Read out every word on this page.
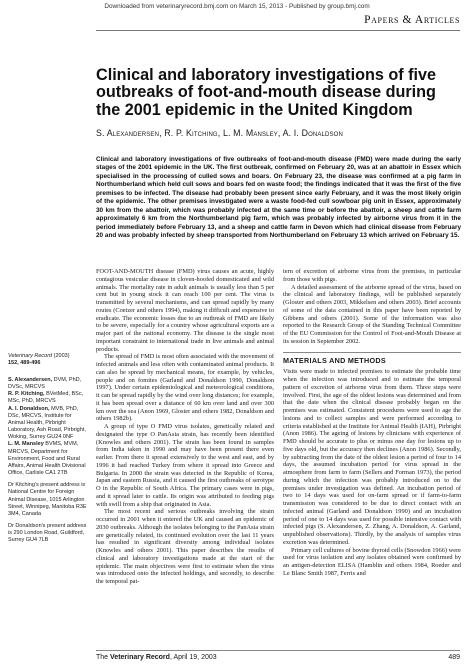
Downloaded from veterinaryrecord.bmj.com on March 15, 2013 - Published by group.bmj.com
Papers & Articles
Clinical and laboratory investigations of five outbreaks of foot-and-mouth disease during the 2001 epidemic in the United Kingdom
S. Alexandersen, R. P. Kitching, L. M. Mansley, A. I. Donaldson

Clinical and laboratory investigations of five outbreaks of foot-and-mouth disease (FMD) were made during the early stages of the 2001 epidemic in the UK. The first outbreak, confirmed on February 20, was at an abattoir in Essex which specialised in the processing of culled sows and boars. On February 23, the disease was confirmed at a pig farm in Northumberland which held cull sows and boars fed on waste food; the findings indicated that it was the first of the five premises to be infected. The disease had probably been present since early February, and it was the most likely origin of the epidemic. The other premises investigated were a waste food-fed cull sow/boar pig unit in Essex, approximately 30 km from the abattoir, which was probably infected at the same time or before the abattoir, a sheep and cattle farm approximately 6 km from the Northumberland pig farm, which was probably infected by airborne virus from it in the period immediately before February 13, and a sheep and cattle farm in Devon which had clinical disease from February 20 and was probably infected by sheep transported from Northumberland on February 13 which arrived on February 15.

Veterinary Record (2003)
152, 489-496
S. Alexandersen, DVM, PhD, DVSc, MRCVS
R. P. Kitching, BVetMed, BSc, MSc, PhD, MRCVS
A. I. Donaldson, MVB, PhD, DSc, MRCVS, Institute for Animal Health, Pirbright Laboratory, Ash Road, Pirbright, Woking, Surrey GU24 0NF
L. M. Mansley BVMS, MVM, MRCVS, Department for Environment, Food and Rural Affairs, Animal Health Divisional Office, Carlisle CA1 2TB
Dr Kitching's present address is National Centre for Foreign Animal Disease, 1015 Arlington Street, Winnipeg, Manitoba R3E 3M4, Canada
Dr Donaldson's present address is 290 London Road, Guildford, Surrey GU4 7LB

FOOT-AND-MOUTH disease (FMD) virus causes an acute, highly contagious vesicular disease in cloven-hoofed domesticated and wild animals. The mortality rate in adult animals is usually less than 5 per cent but in young stock it can reach 100 per cent. The virus is transmitted by several mechanisms, and can spread rapidly by many routes (Coetzer and others 1994), making it difficult and expensive to eradicate. The economic losses due to an outbreak of FMD are likely to be severe, especially for a country whose agricultural exports are a major part of the national economy. The disease is the single most important constraint to international trade in live animals and animal products.

The spread of FMD is most often associated with the movement of infected animals and less often with contaminated animal products. It can also be spread by mechanical means, for example, by vehicles, people and on fomites (Garland and Donaldson 1990, Donaldson 1997). Under certain epidemiological and meteorological conditions, it can be spread rapidly by the wind over long distances; for example, it has been spread over a distance of 60 km over land and over 300 km over the sea (Anon 1969, Gloster and others 1982, Donaldson and others 1982b).

A group of type O FMD virus isolates, genetically related and designated the type O PanAsia strain, has recently been identified (Knowles and others 2001). The strain has been found in samples from India taken in 1990 and may have been present there even earlier. From there it spread extensively to the west and east, and by 1996 it had reached Turkey from where it spread into Greece and Bulgaria. In 2000 the strain was detected in the Republic of Korea, Japan and eastern Russia, and it caused the first outbreaks of serotype O in the Republic of South Africa. The primary cases were in pigs, and it spread later to cattle. Its origin was attributed to feeding pigs with swill from a ship that originated in Asia.

The most recent and serious outbreaks involving the strain occurred in 2001 when it entered the UK and caused an epidemic of 2030 outbreaks. Although the isolates belonging to the PanAsia strain are genetically related, its continued evolution over the last 11 years has resulted in significant diversity among individual isolates (Knowles and others 2001). This paper describes the results of clinical and laboratory investigations made at the start of the epidemic. The main objectives were first to estimate when the virus was introduced onto the infected holdings, and secondly, to describe the temporal pat-

tern of excretion of airborne virus from the premises, in particular from those with pigs.

A detailed assessment of the airborne spread of the virus, based on the clinical and laboratory findings, will be published separately (Gloster and others 2003, Mikkelsen and others 2003). Brief accounts of some of the data contained in this paper have been reported by Gibbens and others (2001). Some of the information was also reported to the Research Group of the Standing Technical Committee of the EU Commission for the Control of Foot-and-Mouth Disease at its session in September 2002.

MATERIALS AND METHODS

Visits were made to infected premises to estimate the probable time when the infection was introduced and to estimate the temporal pattern of excretion of airborne virus from them. Three steps were involved. First, the age of the oldest lesions was determined and from that the date when the clinical disease probably began on the premises was estimated. Consistent procedures were used to age the lesions and to collect samples and were performed according to criteria established at the Institute for Animal Health (IAH), Pirbright (Anon 1986). The ageing of lesions by clinicians with experience of FMD should be accurate to plus or minus one day for lesions up to five days old, but the accuracy then declines (Anon 1986). Secondly, by subtracting from the date of the oldest lesion a period of four to 14 days, the assumed incubation period for virus spread in the atmosphere from farm to farm (Sellers and Forman 1973), the period during which the infection was probably introduced on to the premises under investigation was defined. An incubation period of two to 14 days was used for on-farm spread or if farm-to-farm transmission was considered to be due to direct contact with an infected animal (Garland and Donaldson 1990) and an incubation period of one to 14 days was used for possible intensive contact with infected pigs (S. Alexandersen, Z. Zhang, A. Donaldson, A. Garland, unpublished observations). Thirdly, by the analysis of samples virus excretion was determined.

Primary cell cultures of bovine thyroid cells (Snowdon 1966) were used for virus isolation and any isolates obtained were confirmed by an antigen-detection ELISA (Hamblin and others 1984, Roeder and Le Blanc Smith 1987, Ferris and

The Veterinary Record, April 19, 2003	489
